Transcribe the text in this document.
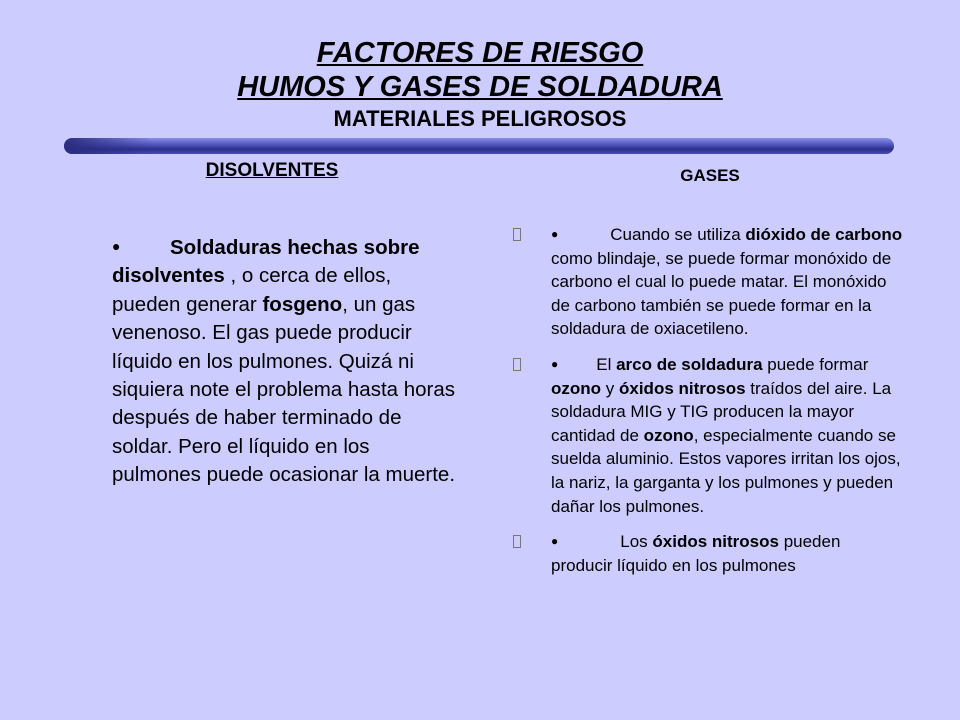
FACTORES DE RIESGO
HUMOS Y GASES DE SOLDADURA
MATERIALES PELIGROSOS
DISOLVENTES
● Soldaduras hechas sobre disolventes , o cerca de ellos, pueden generar fosgeno, un gas venenoso. El gas puede producir líquido en los pulmones. Quizá ni siquiera note el problema hasta horas después de haber terminado de soldar. Pero el líquido en los pulmones puede ocasionar la muerte.
GASES
●	Cuando se utiliza dióxido de carbono como blindaje, se puede formar monóxido de carbono el cual lo puede matar. El monóxido de carbono también se puede formar en la soldadura de oxiacetileno.
● El arco de soldadura puede formar ozono y óxidos nitrosos traídos del aire. La soldadura MIG y TIG producen la mayor cantidad de ozono, especialmente cuando se suelda aluminio. Estos vapores irritan los ojos, la nariz, la garganta y los pulmones y pueden dañar los pulmones.
●	Los óxidos nitrosos pueden producir líquido en los pulmones
